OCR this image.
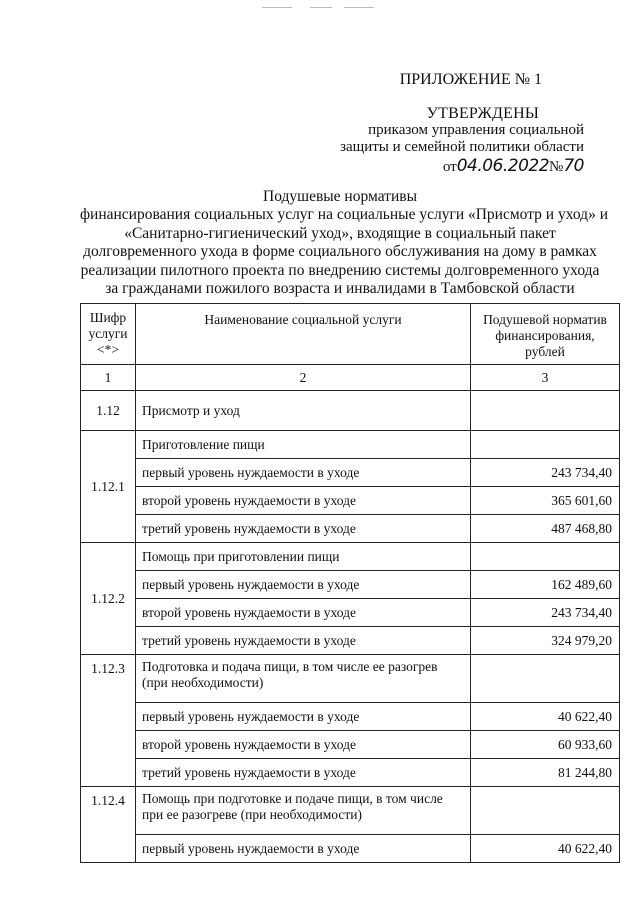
ПРИЛОЖЕНИЕ № 1
УТВЕРЖДЕНЫ
приказом управления социальной
защиты и семейной политики области
от04.06.2022№70
Подушевые нормативы
финансирования социальных услуг на социальные услуги «Присмотр и уход» и
«Санитарно-гигиенический уход», входящие в социальный пакет
долговременного ухода в форме социального обслуживания на дому в рамках
реализации пилотного проекта по внедрению системы долговременного ухода
за гражданами пожилого возраста и инвалидами в Тамбовской области
Шифр услуги <*>	Наименование социальной услуги	Подушевой норматив финансирования, рублей
1	2	3
1.12	Присмотр и уход	
1.12.1	Приготовление пищи	
	первый уровень нуждаемости в уходе	243 734,40
	второй уровень нуждаемости в уходе	365 601,60
	третий уровень нуждаемости в уходе	487 468,80
1.12.2	Помощь при приготовлении пищи	
	первый уровень нуждаемости в уходе	162 489,60
	второй уровень нуждаемости в уходе	243 734,40
	третий уровень нуждаемости в уходе	324 979,20
1.12.3	Подготовка и подача пищи, в том числе ее разогрев (при необходимости)	
	первый уровень нуждаемости в уходе	40 622,40
	второй уровень нуждаемости в уходе	60 933,60
	третий уровень нуждаемости в уходе	81 244,80
1.12.4	Помощь при подготовке и подаче пищи, в том числе при ее разогреве (при необходимости)	
	первый уровень нуждаемости в уходе	40 622,40
